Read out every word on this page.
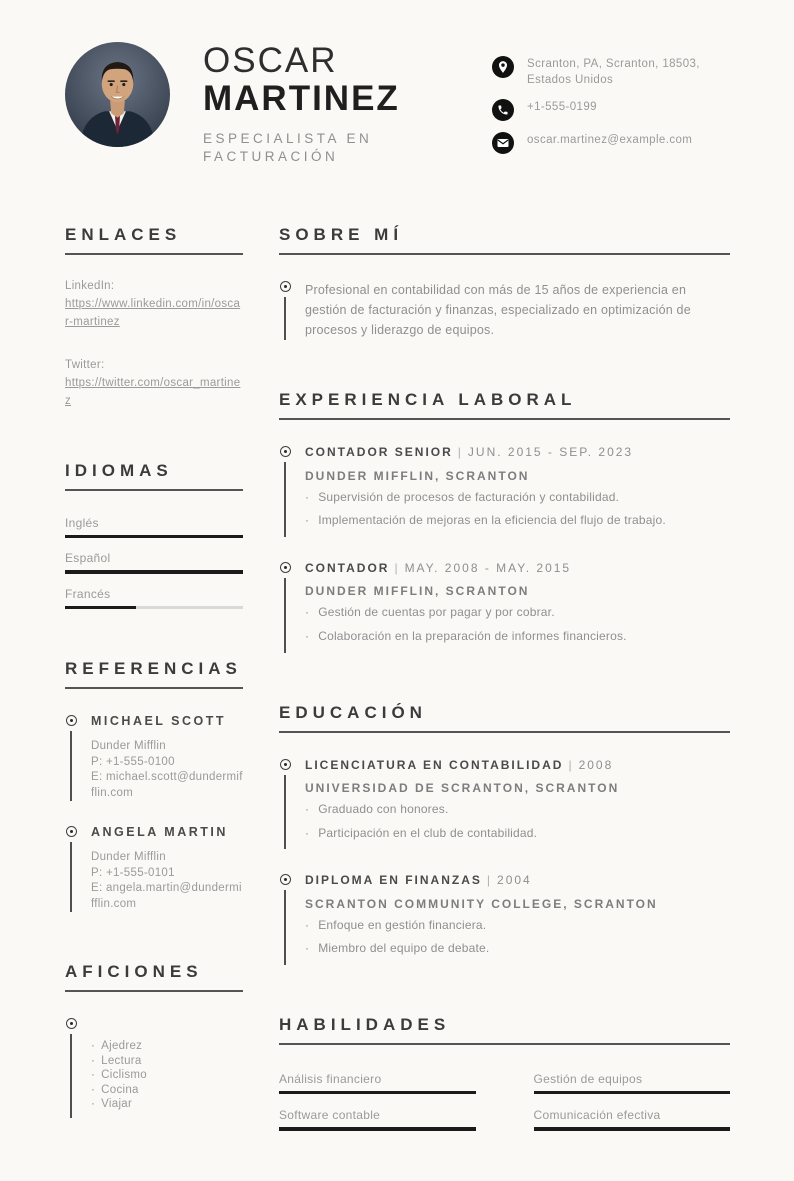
OSCAR
MARTINEZ
ESPECIALISTA EN FACTURACIÓN
Scranton, PA, Scranton, 18503, Estados Unidos
+1-555-0199
oscar.martinez@example.com
ENLACES
LinkedIn:
https://www.linkedin.com/in/oscar-martinez
Twitter:
https://twitter.com/oscar_martinez
IDIOMAS
Inglés
Español
Francés
REFERENCIAS
MICHAEL SCOTT
Dunder Mifflin
P: +1-555-0100
E: michael.scott@dundermifflin.com
ANGELA MARTIN
Dunder Mifflin
P: +1-555-0101
E: angela.martin@dundermifflin.com
AFICIONES
· Ajedrez
· Lectura
· Ciclismo
· Cocina
· Viajar
SOBRE MÍ

Profesional en contabilidad con más de 15 años de experiencia en gestión de facturación y finanzas, especializado en optimización de procesos y liderazgo de equipos.

EXPERIENCIA LABORAL
CONTADOR SENIOR | JUN. 2015 - SEP. 2023
DUNDER MIFFLIN, SCRANTON
· Supervisión de procesos de facturación y contabilidad.
· Implementación de mejoras en la eficiencia del flujo de trabajo.
CONTADOR | MAY. 2008 - MAY. 2015
DUNDER MIFFLIN, SCRANTON
· Gestión de cuentas por pagar y por cobrar.
· Colaboración en la preparación de informes financieros.
EDUCACIÓN
LICENCIATURA EN CONTABILIDAD | 2008
UNIVERSIDAD DE SCRANTON, SCRANTON
· Graduado con honores.
· Participación en el club de contabilidad.
DIPLOMA EN FINANZAS | 2004
SCRANTON COMMUNITY COLLEGE, SCRANTON
· Enfoque en gestión financiera.
· Miembro del equipo de debate.
HABILIDADES
Análisis financiero	Gestión de equipos
Software contable	Comunicación efectiva
